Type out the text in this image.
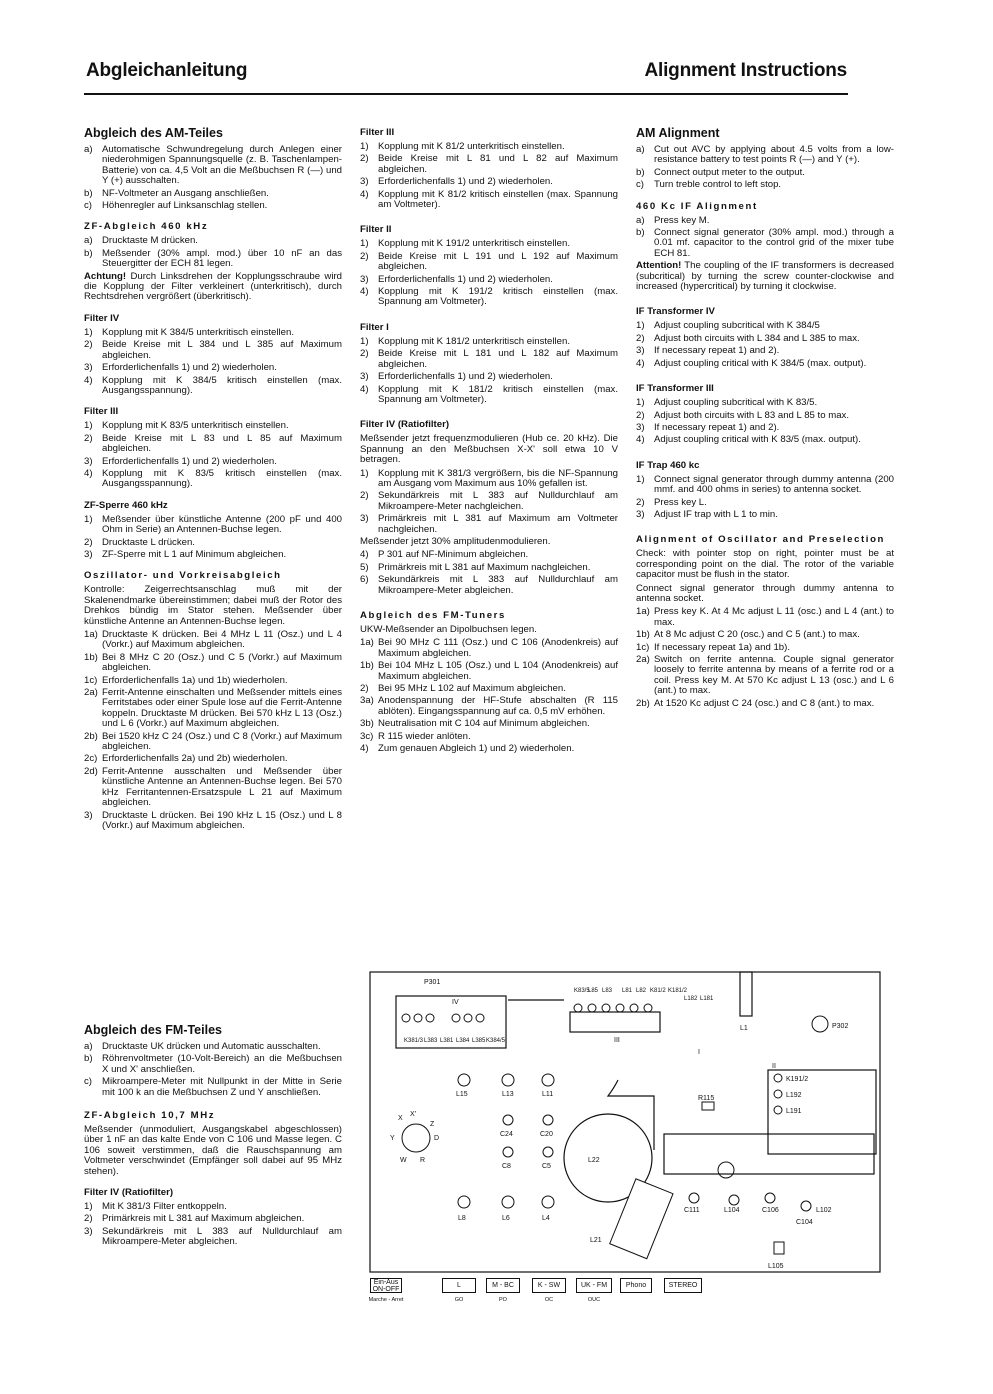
Abgleichanleitung	Alignment Instructions
Abgleich des AM-Teiles
a) Automatische Schwundregelung durch Anlegen einer niederohmigen Spannungsquelle (z. B. Taschenlampen-Batterie) von ca. 4,5 Volt an die Meßbuchsen R (—) und Y (+) ausschalten.
b) NF-Voltmeter an Ausgang anschließen.
c)	Höhenregler auf Linksanschlag stellen.
ZF-Abgleich 460 kHz
a) Drucktaste M drücken.
b) Meßsender (30% ampl. mod.) über 10 nF an das Steuergitter der ECH 81 legen.

Achtung! Durch Linksdrehen der Kopplungsschraube wird die Kopplung der Filter verkleinert (unterkritisch), durch Rechtsdrehen vergrößert (überkritisch).

Filter IV
1) Kopplung mit K 384/5 unterkritisch einstellen.
2) Beide Kreise mit L 384 und L 385 auf Maximum abgleichen.
3) Erforderlichenfalls 1) und 2) wiederholen.
4) Kopplung mit K 384/5 kritisch einstellen (max. Ausgangsspannung).
Filter III
1) Kopplung mit K 83/5 unterkritisch einstellen.
2) Beide Kreise mit L 83 und L 85 auf Maximum abgleichen.
3) Erforderlichenfalls 1) und 2) wiederholen.
4) Kopplung mit K 83/5 kritisch einstellen (max. Ausgangsspannung).
ZF-Sperre 460 kHz
1) Meßsender über künstliche Antenne (200 pF und 400 Ohm in Serie) an Antennen-Buchse legen.
2) Drucktaste L drücken.
3) ZF-Sperre mit L 1 auf Minimum abgleichen.
Oszillator- und Vorkreisabgleich

Kontrolle: Zeigerrechtsanschlag muß mit der Skalenendmarke übereinstimmen; dabei muß der Rotor des Drehkos bündig im Stator stehen. Meßsender über künstliche Antenne an Antennen-Buchse legen.

1a) Drucktaste K drücken. Bei 4 MHz L 11 (Osz.) und L 4 (Vorkr.) auf Maximum abgleichen.
1b) Bei 8 MHz C 20 (Osz.) und C 5 (Vorkr.) auf Maximum abgleichen.
1c) Erforderlichenfalls 1a) und 1b) wiederholen.
2a) Ferrit-Antenne einschalten und Meßsender mittels eines Ferritstabes oder einer Spule lose auf die Ferrit-Antenne koppeln. Drucktaste M drücken. Bei 570 kHz L 13 (Osz.) und L 6 (Vorkr.) auf Maximum abgleichen.
2b) Bei 1520 kHz C 24 (Osz.) und C 8 (Vorkr.) auf Maximum abgleichen.
2c) Erforderlichenfalls 2a) und 2b) wiederholen.
2d) Ferrit-Antenne ausschalten und Meßsender über künstliche Antenne an Antennen-Buchse legen. Bei 570 kHz Ferritantennen-Ersatzspule L 21 auf Maximum abgleichen.
3) Drucktaste L drücken. Bei 190 kHz L 15 (Osz.) und L 8 (Vorkr.) auf Maximum abgleichen.
Filter III
1) Kopplung mit K 81/2 unterkritisch einstellen.
2) Beide Kreise mit L 81 und L 82 auf Maximum abgleichen.
3) Erforderlichenfalls 1) und 2) wiederholen.
4) Kopplung mit K 81/2 kritisch einstellen (max. Spannung am Voltmeter).
Filter II
1) Kopplung mit K 191/2 unterkritisch einstellen.
2) Beide Kreise mit L 191 und L 192 auf Maximum abgleichen.
3) Erforderlichenfalls 1) und 2) wiederholen.
4) Kopplung mit K 191/2 kritisch einstellen (max. Spannung am Voltmeter).
Filter I
1) Kopplung mit K 181/2 unterkritisch einstellen.
2) Beide Kreise mit L 181 und L 182 auf Maximum abgleichen.
3) Erforderlichenfalls 1) und 2) wiederholen.
4) Kopplung mit K 181/2 kritisch einstellen (max. Spannung am Voltmeter).
Filter IV (Ratiofilter)

Meßsender jetzt frequenzmodulieren (Hub ce. 20 kHz). Die Spannung an den Meßbuchsen X-X' soll etwa 10 V betragen.

1) Kopplung mit K 381/3 vergrößern, bis die NF-Spannung am Ausgang vom Maximum aus 10% gefallen ist.
2) Sekundärkreis mit L 383 auf Nulldurchlauf am Mikroampere-Meter nachgleichen.
3) Primärkreis mit L 381 auf Maximum am Voltmeter nachgleichen.

Meßsender jetzt 30% amplitudenmodulieren.

4) P 301 auf NF-Minimum abgleichen.
5) Primärkreis mit L 381 auf Maximum nachgleichen.
6) Sekundärkreis mit L 383 auf Nulldurchlauf am Mikroampere-Meter abgleichen.
Abgleich des FM-Tuners

UKW-Meßsender an Dipolbuchsen legen.

1a) Bei 90 MHz C 111 (Osz.) und C 106 (Anodenkreis) auf Maximum abgleichen.
1b) Bei 104 MHz L 105 (Osz.) und L 104 (Anodenkreis) auf Maximum abgleichen.
2) Bei 95 MHz L 102 auf Maximum abgleichen.
3a) Anodenspannung der HF-Stufe abschalten (R 115 ablöten). Eingangsspannung auf ca. 0,5 mV erhöhen.
3b) Neutralisation mit C 104 auf Minimum abgleichen.
3c) R 115 wieder anlöten.
4) Zum genauen Abgleich 1) und 2) wiederholen.
AM Alignment
a) Cut out AVC by applying about 4.5 volts from a low-resistance battery to test points R (—) and Y (+).
b) Connect output meter to the output.
c)	Turn treble control to left stop.
460 Kc IF Alignment
a) Press key M.
b) Connect signal generator (30% ampl. mod.) through a 0.01 mf. capacitor to the control grid of the mixer tube ECH 81.

Attention! The coupling of the IF transformers is decreased (subcritical) by turning the screw counter-clockwise and increased (hypercritical) by turning it clockwise.

IF Transformer IV
1) Adjust coupling subcritical with K 384/5
2) Adjust both circuits with L 384 and L 385 to max.
3) If necessary repeat 1) and 2).
4) Adjust coupling critical with K 384/5 (max. output).
IF Transformer III
1) Adjust coupling subcritical with K 83/5.
2) Adjust both circuits with L 83 and L 85 to max.
3) If necessary repeat 1) and 2).
4) Adjust coupling critical with K 83/5 (max. output).
IF Trap 460 kc
1) Connect signal generator through dummy antenna (200 mmf. and 400 ohms in series) to antenna socket.
2) Press key L.
3) Adjust IF trap with L 1 to min.
Alignment of Oscillator and Preselection

Check: with pointer stop on right, pointer must be at corresponding point on the dial. The rotor of the variable capacitor must be flush in the stator.

Connect signal generator through dummy antenna to antenna socket.

1a) Press key K. At 4 Mc adjust L 11 (osc.) and L 4 (ant.) to max.
1b) At 8 Mc adjust C 20 (osc.) and C 5 (ant.) to max.
1c) If necessary repeat 1a) and 1b).
2a) Switch on ferrite antenna. Couple signal generator loosely to ferrite antenna by means of a ferrite rod or a coil. Press key M. At 570 Kc adjust L 13 (osc.) and L 6 (ant.) to max.
2b) At 1520 Kc adjust C 24 (osc.) and C 8 (ant.) to max.
Abgleich des FM-Teiles
a) Drucktaste UK drücken und Automatic ausschalten.
b) Röhrenvoltmeter (10-Volt-Bereich) an die Meßbuchsen X und X' anschließen.
c)	Mikroampere-Meter mit Nullpunkt in der Mitte in Serie mit 100 k an die Meßbuchsen Z und Y anschließen.
ZF-Abgleich 10,7 MHz

Meßsender (unmoduliert, Ausgangskabel abgeschlossen) über 1 nF an das kalte Ende von C 106 und Masse legen. C 106 soweit verstimmen, daß die Rauschspannung am Voltmeter verschwindet (Empfänger soll dabei auf 95 MHz stehen).

Filter IV (Ratiofilter)
1) Mit K 381/3 Filter entkoppeln.
2) Primärkreis mit L 381 auf Maximum abgleichen.
3) Sekundärkreis mit L 383 auf Nulldurchlauf am Mikroampere-Meter abgleichen.
P301
IV
III
I
II
L1	P302
K381/3 L383 L381 L384 L385 K384/5
K83/5
L85 L83 L81 L82 K81/2 K181/2
L182 L181
K191/2
L192
L191
L15	L13	L11
C24	C20
C8	C5
L8	L6	L4
L22
L21
R115
C111	L104	C106	L102
C104
L105
X
X'
Y
Z
D
W R
Ein-Aus ON-OFF	L	M - BC	K - SW	UK - FM	Phono	STEREO
Marche - Arret	GO	PO	OC	OUC
